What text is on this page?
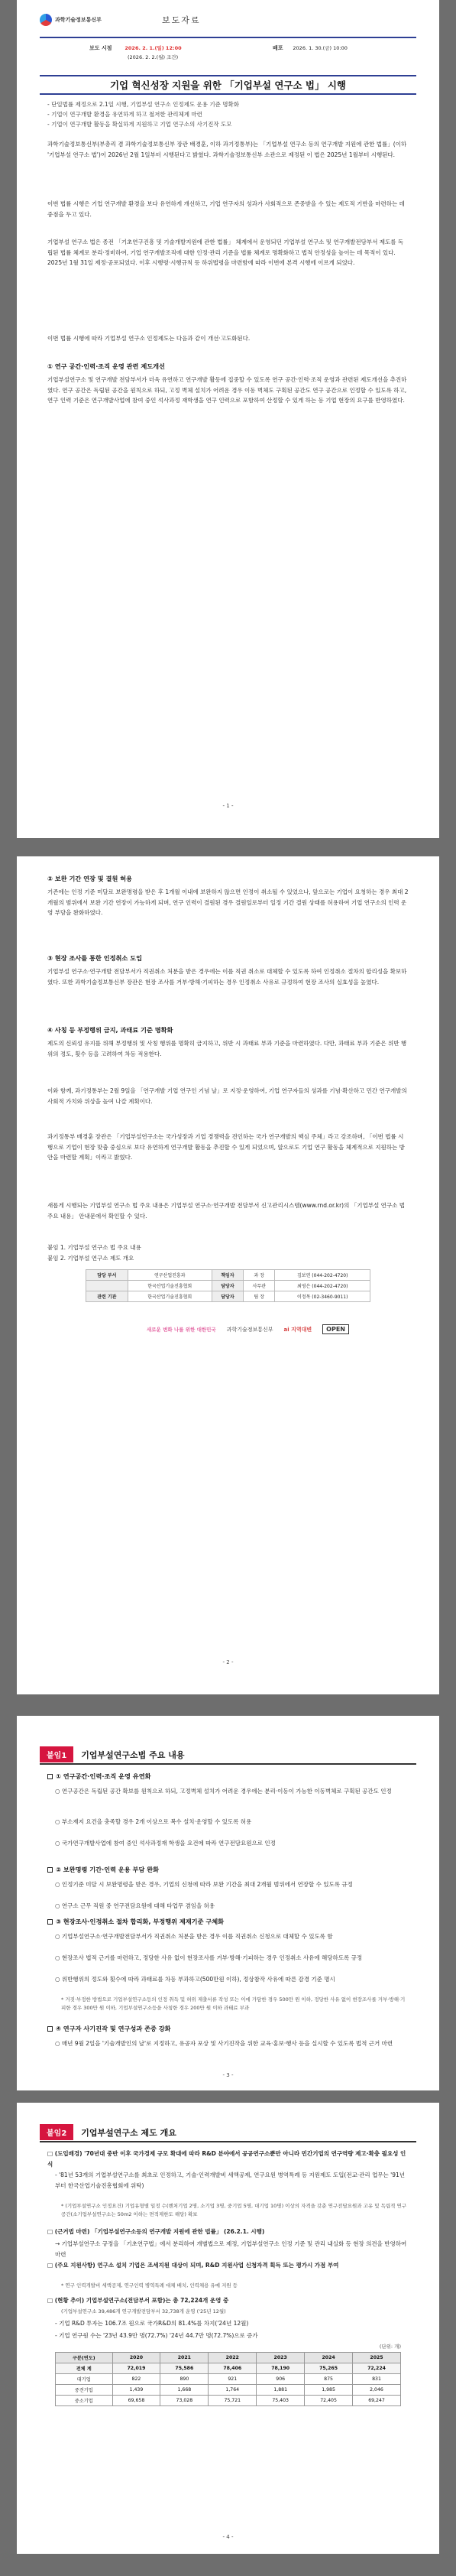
과학기술정보통신부	보도자료
보도 시점	2026. 2. 1.(일) 12:00
(2026. 2. 2.(월) 조간)
배포 2026. 1. 30.(금) 10:00
기업 혁신성장 지원을 위한 「기업부설 연구소 법」 시행
- 단일법률 제정으로 2.1일 시행, 기업부설 연구소 인정제도 운용 기준 명확화
- 기업이 연구개발 환경을 유연하게 하고 철저한 관리체계 마련
- 기업이 연구개발 활동을 확실하게 지원하고 기업 연구소의 사기진작 도모
과학기술정보통신부(부총리 겸 과학기술정보통신부 장관 배경훈, 이하 과기정통부)는 「기업부설 연구소 등의 연구개발 지원에 관한 법률」(이하 '기업부설 연구소 법')이 2026년 2월 1일부터 시행된다고 밝혔다. 과학기술정보통신부 소관으로 제정된 이 법은 2025년 1월부터 시행된다.
이번 법률 시행은 기업 연구개발 환경을 보다 유연하게 개선하고, 기업 연구자의 성과가 사회적으로 존중받을 수 있는 제도적 기반을 마련하는 데 중점을 두고 있다.
기업부설 연구소 법은 종전 「기초연구진흥 및 기술개발지원에 관한 법률」 체계에서 운영되던 기업부설 연구소 및 연구개발전담부서 제도를 독립된 법률 체계로 분리·정비하여, 기업 연구개발조직에 대한 인정·관리 기준을 법률 체계로 명확화하고 법적 안정성을 높이는 데 목적이 있다. 2025년 1월 31일 제정·공포되었다. 이후 시행령·시행규칙 등 하위법령을 마련함에 따라 이번에 본격 시행에 이르게 되었다.
이번 법률 시행에 따라 기업부설 연구소 인정제도는 다음과 같이 개선·고도화된다.
① 연구 공간·인력·조직 운영 관련 제도개선
기업부설연구소 및 연구개발 전담부서가 더욱 유연하고 연구개발 활동에 집중할 수 있도록 연구 공간·인력·조직 운영과 관련된 제도개선을 추진하였다. 연구 공간은 독립된 공간을 원칙으로 하되, 고정 벽체 설치가 어려운 경우 이동 벽체도 구획된 공간도 연구 공간으로 인정할 수 있도록 하고, 연구 인력 기준은 연구개발사업에 참여 중인 석사과정 재학생을 연구 인력으로 포함하여 산정할 수 있게 하는 등 기업 현장의 요구를 반영하였다.
- 1 -
② 보완 기간 연장 및 결원 허용
기존에는 인정 기준 미달로 보완명령을 받은 후 1개월 이내에 보완하지 않으면 인정이 취소될 수 있었으나, 앞으로는 기업이 요청하는 경우 최대 2개월의 범위에서 보완 기간 연장이 가능하게 되며, 연구 인력이 결원된 경우 결원일로부터 일정 기간 결원 상태를 허용하여 기업 연구소의 인력 운영 부담을 완화하였다.
③ 현장 조사를 통한 인정취소 도입
기업부설 연구소·연구개발 전담부서가 직권취소 처분을 받은 경우에는 이를 직권 취소로 대체할 수 있도록 하여 인정취소 절차의 합리성을 확보하였다. 또한 과학기술정보통신부 장관은 현장 조사를 거부·방해·기피하는 경우 인정취소 사유로 규정하여 현장 조사의 실효성을 높였다.
④ 사칭 등 부정행위 금지, 과태료 기준 명확화
제도의 신뢰성 유지를 위해 부정행위 및 사칭 행위를 명확히 금지하고, 위반 시 과태료 부과 기준을 마련하였다. 다만, 과태료 부과 기준은 위반 행위의 정도, 횟수 등을 고려하여 차등 적용한다.
이와 함께, 과기정통부는 2월 9일을 「연구개발 기업 연구인 기념 날」로 지정·운영하여, 기업 연구자들의 성과를 기념·확산하고 민간 연구개발의 사회적 가치와 위상을 높여 나갈 계획이다.
과기정통부 배경훈 장관은 「기업부설연구소는 국가성장과 기업 경쟁력을 견인하는 국가 연구개발의 핵심 주체」라고 강조하며, 「이번 법률 시행으로 기업이 현장 맞춤 중심으로 보다 유연하게 연구개발 활동을 추진할 수 있게 되었으며, 앞으로도 기업 연구 활동을 체계적으로 지원하는 방안을 마련할 계획」이라고 밝혔다.
새롭게 시행되는 기업부설 연구소 법 주요 내용은 기업부설 연구소·연구개발 전담부서 신고관리시스템(www.rnd.or.kr)의 「기업부설 연구소 법 주요 내용」 안내문에서 확인할 수 있다.
붙임 1. 기업부설 연구소 법 주요 내용
붙임 2. 기업부설 연구소 제도 개요
담당 부서	연구산업진흥과	책임자	과 장	김보연 (044-202-4720)
	한국산업기술진흥협회	담당자	사무관	최영은 (044-202-4720)
관련 기관	한국산업기술진흥협회	담당자	팀 장	이정목 (02-3460-9011)
새로운 변화 나를 위한 대한민국 과학기술정보통신부 ai 지역대변	OPEN
- 2 -
붙임1	기업부설연구소법 주요 내용
① 연구공간·인력·조직 운영 유연화
○ 연구공간은 독립된 공간 확보를 원칙으로 하되, 고정벽체 설치가 어려운 경우에는 분리·이동이 가능한 이동벽체로 구획된 공간도 인정
○ 부소재지 요건을 충족할 경우 2개 이상으로 복수 설치·운영할 수 있도록 허용
○ 국가연구개발사업에 참여 중인 석사과정재 학생을 요건에 따라 연구전담요원으로 인정
② 보완명령 기간·인력 운용 부담 완화
○ 인정기준 미달 시 보완명령을 받은 경우, 기업의 신청에 따라 보완 기간을 최대 2개월 범위에서 연장할 수 있도록 규정
○ 연구소 근무 직원 중 연구전담요원에 대해 타업무 겸임을 허용
③ 현장조사·인정취소 절차 합리화, 부정행위 제재기준 구체화
○ 기업부설연구소·연구개발전담부서가 직권취소 처분을 받은 경우 이를 직권취소 신청으로 대체할 수 있도록 함
○ 현장조사 법적 근거를 마련하고, 정당한 사유 없이 현장조사를 거부·방해·기피하는 경우 인정취소 사유에 해당하도록 규정
○ 위반행위의 정도와 횟수에 따라 과태료를 차등 부과하고(500만원 이하), 정상참작 사유에 따른 감경 기준 명시
* 거짓·부정한 방법으로 기업부설연구소등의 인정 취득 및 허위 제출서류 작성 또는 이에 가담한 경우 500만 원 이하, 정당한 사유 없이 현장조사를 거부·방해·기피한 경우 300만 원 이하, 기업부설연구소등을 사칭한 경우 200만 원 이하 과태료 부과
④ 연구자 사기진작 및 연구성과 존중 강화
○ 매년 9월 2일을 '기술개발인의 날'로 지정하고, 유공자 포상 및 사기진작을 위한 교육·홍보·행사 등을 실시할 수 있도록 법적 근거 마련
- 3 -
붙임2	기업부설연구소 제도 개요
□ (도입배경) '70년대 중반 이후 국가경제 규모 확대에 따라 R&D 분야에서 공공연구소뿐만 아니라 민간기업의 연구역량 제고·확충 필요성 인식
- '81년 53개의 기업부설연구소를 최초로 인정하고, 기술·인력개발비 세액공제, 연구요원 병역특례 등 지원제도 도입(전교·관리 업무는 '91년 부터 한국산업기술진흥협회에 위탁)
* (기업부설연구소 인정요건) 기업유형별 일정 수(벤처기업 2명, 소기업 3명, 중기업 5명, 대기업 10명) 이상의 자격을 갖춘 연구전담요원과 고유 및 독립적 연구공간(소기업부설연구소는 50m2 이하는 면적제한도 해당) 확보
□ (근거법 마련) 「기업부설연구소등의 연구개발 지원에 관한 법률」 (26.2.1. 시행)
→ 기업부설연구소 규정을 「기초연구법」에서 분리하여 개별법으로 제정, 기업부설연구소 인정 기준 및 관리 내실화 등 현장 의견을 반영하여 마련
□ (주요 지원사항) 연구소 설치 기업은 조세지원 대상이 되며, R&D 지원사업 신청자격 획득 또는 평가시 가점 부여
* 연구 인력개발비 세액공제, 연구인력 병역특례 대체 배치, 인력채용 유예 지원 등
□ (현황 추이) 기업부설연구소(전담부서 포함)는 총 72,224개 운영 중
(기업부설연구소 39,486개 연구개발전담부서 32,738개 운영 ('25년 12월)
- 기업 R&D 투자는 106.7조 원으로 국가R&D의 81.4%를 차지('24년 12월)
- 기업 연구원 수는 '23년 43.9만 명(72.7%) '24년 44.7만 명(72.7%)으로 증가
(단위: 개)
구분(연도)	2020	2021	2022	2023	2024	2025
전체 계	72,019	75,586	78,406	78,190	75,265	72,224
대기업	822	890	921	906	875	831
중견기업	1,439	1,668	1,764	1,881	1,985	2,046
중소기업	69,658	73,028	75,721	75,403	72,405	69,247
- 4 -
